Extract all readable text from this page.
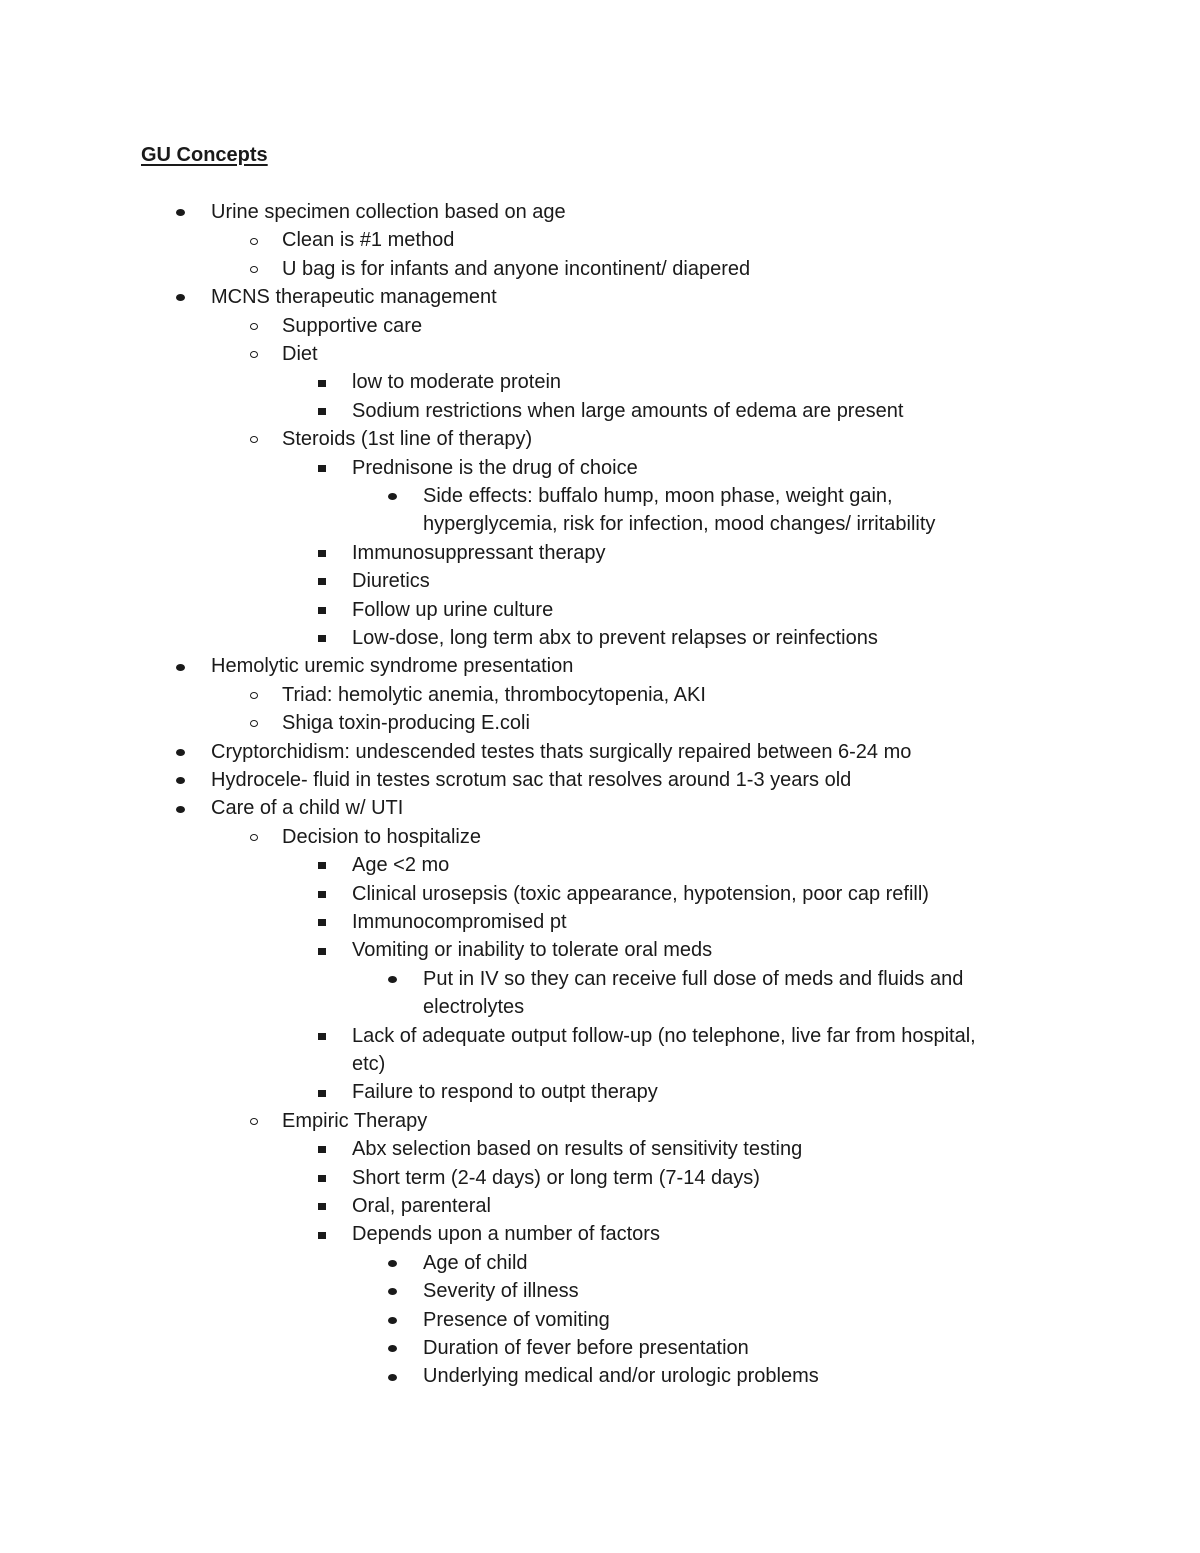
GU Concepts
Urine specimen collection based on age
Clean is #1 method
U bag is for infants and anyone incontinent/ diapered
MCNS therapeutic management
Supportive care
Diet
low to moderate protein
Sodium restrictions when large amounts of edema are present
Steroids (1st line of therapy)
Prednisone is the drug of choice
Side effects: buffalo hump, moon phase, weight gain,
hyperglycemia, risk for infection, mood changes/ irritability
Immunosuppressant therapy
Diuretics
Follow up urine culture
Low-dose, long term abx to prevent relapses or reinfections
Hemolytic uremic syndrome presentation
Triad: hemolytic anemia, thrombocytopenia, AKI
Shiga toxin-producing E.coli
Cryptorchidism: undescended testes thats surgically repaired between 6-24 mo
Hydrocele- fluid in testes scrotum sac that resolves around 1-3 years old
Care of a child w/ UTI
Decision to hospitalize
Age <2 mo
Clinical urosepsis (toxic appearance, hypotension, poor cap refill)
Immunocompromised pt
Vomiting or inability to tolerate oral meds
Put in IV so they can receive full dose of meds and fluids and
electrolytes
Lack of adequate output follow-up (no telephone, live far from hospital,
etc)
Failure to respond to outpt therapy
Empiric Therapy
Abx selection based on results of sensitivity testing
Short term (2-4 days) or long term (7-14 days)
Oral, parenteral
Depends upon a number of factors
Age of child
Severity of illness
Presence of vomiting
Duration of fever before presentation
Underlying medical and/or urologic problems
